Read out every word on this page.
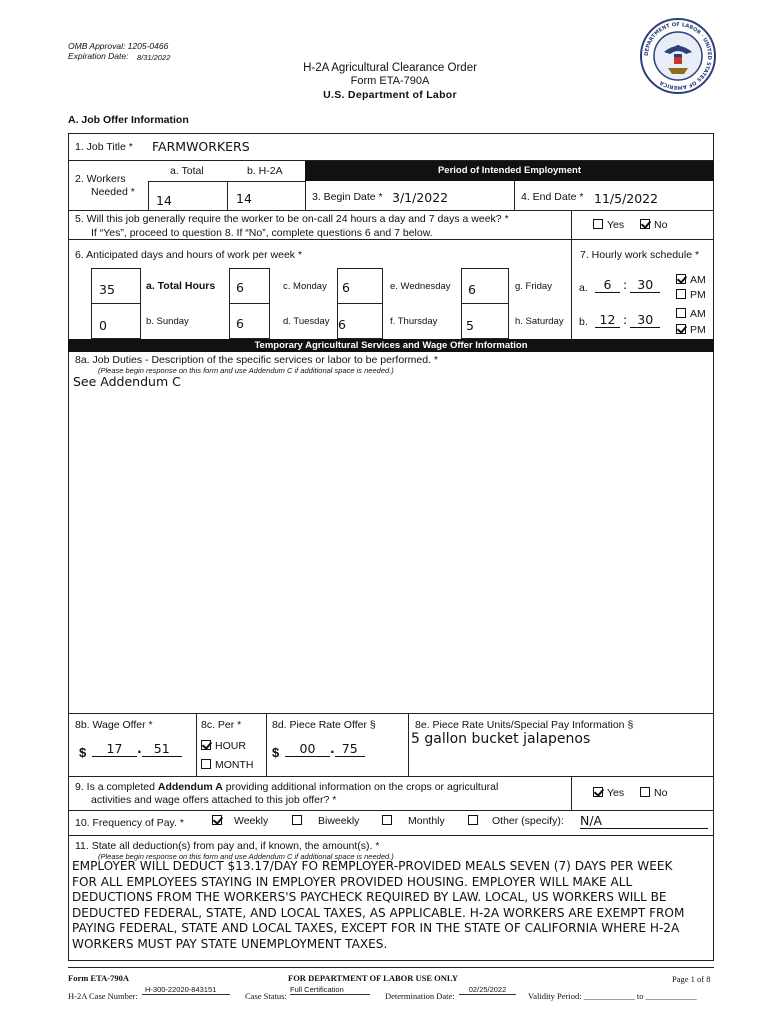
OMB Approval: 1205-0466
Expiration Date: 8/31/2022
H-2A Agricultural Clearance Order
Form ETA-790A
U.S. Department of Labor
DEPARTMENT OF LABOR · UNITED STATES OF AMERICA
A. Job Offer Information
1. Job Title * FARMWORKERS
2. Workers
Needed *
a. Total	b. H-2A
14	14
Period of Intended Employment
3. Begin Date * 3/1/2022	4. End Date * 11/5/2022
5. Will this job generally require the worker to be on-call 24 hours a day and 7 days a week? *
If “Yes”, proceed to question 8. If “No”, complete questions 6 and 7 below.
Yes	No
6. Anticipated days and hours of work per week *	7. Hourly work schedule *
35	a. Total Hours 6	c. Monday 6	e. Wednesday 6	g. Friday
0	b. Sunday	6	d. Tuesday 6	f. Thursday 5	h. Saturday
a.	6 : 30	AM
PM
b. 12 : 30	AM
PM
Temporary Agricultural Services and Wage Offer Information
8a. Job Duties - Description of the specific services or labor to be performed. *
(Please begin response on this form and use Addendum C if additional space is needed.)
See Addendum C
8b. Wage Offer *
$	17 . 51
8c. Per *
HOUR
MONTH
8d. Piece Rate Offer §
$	00 . 75
8e. Piece Rate Units/Special Pay Information §
5 gallon bucket jalapenos
9. Is a completed Addendum A providing additional information on the crops or agricultural
activities and wage offers attached to this job offer? *
Yes	No
10. Frequency of Pay. *	Weekly	Biweekly	Monthly	Other (specify): N/A
11. State all deduction(s) from pay and, if known, the amount(s). *
(Please begin response on this form and use Addendum C if additional space is needed.)
EMPLOYER WILL DEDUCT $13.17/DAY FO REMPLOYER-PROVIDED MEALS SEVEN (7) DAYS PER WEEK
FOR ALL EMPLOYEES STAYING IN EMPLOYER PROVIDED HOUSING. EMPLOYER WILL MAKE ALL
DEDUCTIONS FROM THE WORKERS'S PAYCHECK REQUIRED BY LAW. LOCAL, US WORKERS WILL BE
DEDUCTED FEDERAL, STATE, AND LOCAL TAXES, AS APPLICABLE. H-2A WORKERS ARE EXEMPT FROM
PAYING FEDERAL, STATE AND LOCAL TAXES, EXCEPT FOR IN THE STATE OF CALIFORNIA WHERE H-2A
WORKERS MUST PAY STATE UNEMPLOYMENT TAXES.
Form ETA-790A	FOR DEPARTMENT OF LABOR USE ONLY	Page 1 of 8
H-2A Case Number:
H-300-22020-843151
Case Status:
Full Certification
Determination Date:
02/25/2022
Validity Period: ____________ to ____________
